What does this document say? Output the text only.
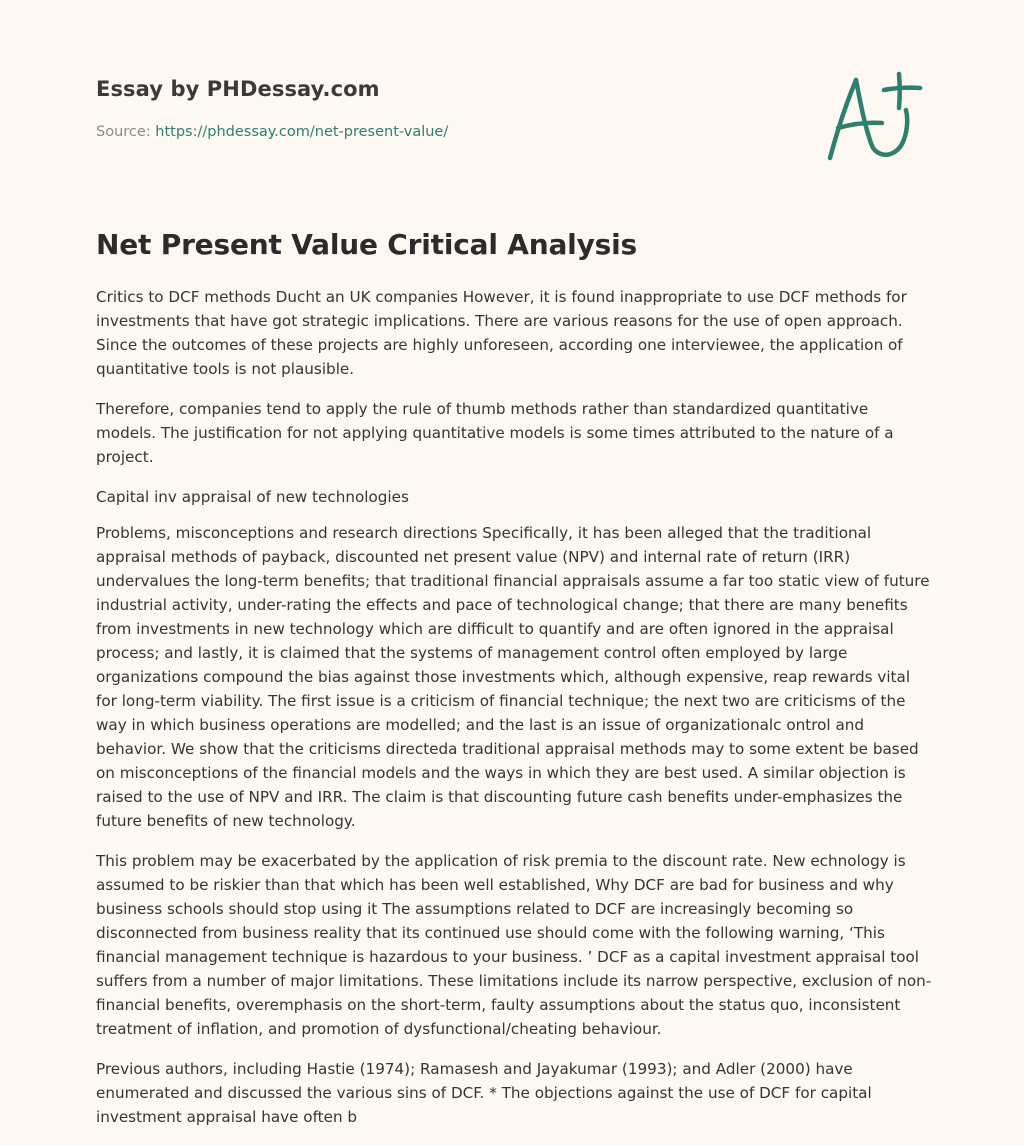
Essay by PHDessay.com
Source: https://phdessay.com/net-present-value/
Net Present Value Critical Analysis

Critics to DCF methods Ducht an UK companies However, it is found inappropriate to use DCF methods for investments that have got strategic implications. There are various reasons for the use of open approach. Since the outcomes of these projects are highly unforeseen, according one interviewee, the application of quantitative tools is not plausible.

Therefore, companies tend to apply the rule of thumb methods rather than standardized quantitative models. The justification for not applying quantitative models is some times attributed to the nature of a project.

Capital inv appraisal of new technologies

Problems, misconceptions and research directions Specifically, it has been alleged that the traditional appraisal methods of payback, discounted net present value (NPV) and internal rate of return (IRR) undervalues the long-term benefits; that traditional financial appraisals assume a far too static view of future industrial activity, under-rating the effects and pace of technological change; that there are many benefits from investments in new technology which are difficult to quantify and are often ignored in the appraisal process; and lastly, it is claimed that the systems of management control often employed by large organizations compound the bias against those investments which, although expensive, reap rewards vital for long-term viability. The first issue is a criticism of financial technique; the next two are criticisms of the way in which business operations are modelled; and the last is an issue of organizationalc ontrol and behavior. We show that the criticisms directeda traditional appraisal methods may to some extent be based on misconceptions of the financial models and the ways in which they are best used. A similar objection is raised to the use of NPV and IRR. The claim is that discounting future cash benefits under-emphasizes the future benefits of new technology.

This problem may be exacerbated by the application of risk premia to the discount rate. New echnology is assumed to be riskier than that which has been well established, Why DCF are bad for business and why business schools should stop using it The assumptions related to DCF are increasingly becoming so disconnected from business reality that its continued use should come with the following warning, ‘This financial management technique is hazardous to your business. ’ DCF as a capital investment appraisal tool suffers from a number of major limitations. These limitations include its narrow perspective, exclusion of non-financial benefits, overemphasis on the short-term, faulty assumptions about the status quo, inconsistent treatment of inflation, and promotion of dysfunctional/cheating behaviour.

Previous authors, including Hastie (1974); Ramasesh and Jayakumar (1993); and Adler (2000) have enumerated and discussed the various sins of DCF. * The objections against the use of DCF for capital investment appraisal have often b
